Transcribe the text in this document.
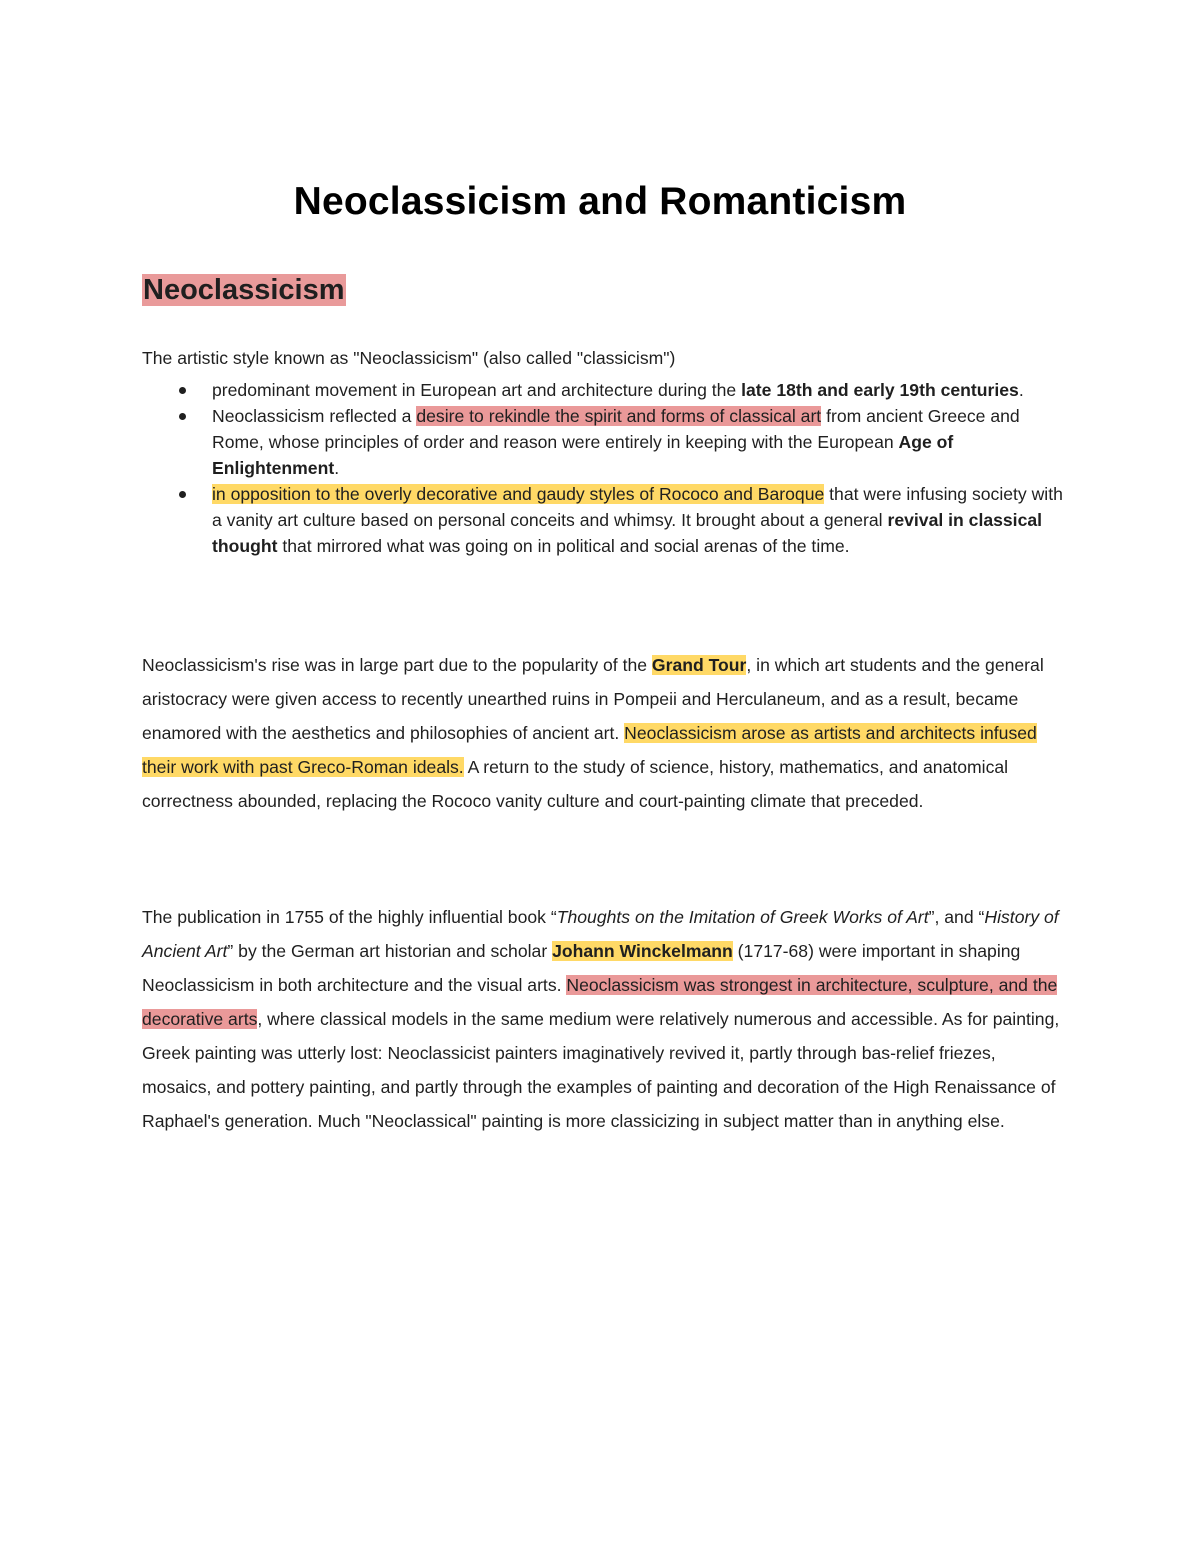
Neoclassicism and Romanticism
Neoclassicism

The artistic style known as "Neoclassicism" (also called "classicism")

predominant movement in European art and architecture during the late 18th and early 19th centuries.
Neoclassicism reflected a desire to rekindle the spirit and forms of classical art from ancient Greece and Rome, whose principles of order and reason were entirely in keeping with the European Age of Enlightenment.
in opposition to the overly decorative and gaudy styles of Rococo and Baroque that were infusing society with a vanity art culture based on personal conceits and whimsy. It brought about a general revival in classical thought that mirrored what was going on in political and social arenas of the time.

Neoclassicism's rise was in large part due to the popularity of the Grand Tour, in which art students and the general aristocracy were given access to recently unearthed ruins in Pompeii and Herculaneum, and as a result, became enamored with the aesthetics and philosophies of ancient art. Neoclassicism arose as artists and architects infused their work with past Greco-Roman ideals. A return to the study of science, history, mathematics, and anatomical correctness abounded, replacing the Rococo vanity culture and court-painting climate that preceded.

The publication in 1755 of the highly influential book “Thoughts on the Imitation of Greek Works of Art”, and “History of Ancient Art” by the German art historian and scholar Johann Winckelmann (1717-68) were important in shaping Neoclassicism in both architecture and the visual arts. Neoclassicism was strongest in architecture, sculpture, and the decorative arts, where classical models in the same medium were relatively numerous and accessible. As for painting, Greek painting was utterly lost: Neoclassicist painters imaginatively revived it, partly through bas-relief friezes, mosaics, and pottery painting, and partly through the examples of painting and decoration of the High Renaissance of Raphael's generation. Much "Neoclassical" painting is more classicizing in subject matter than in anything else.
